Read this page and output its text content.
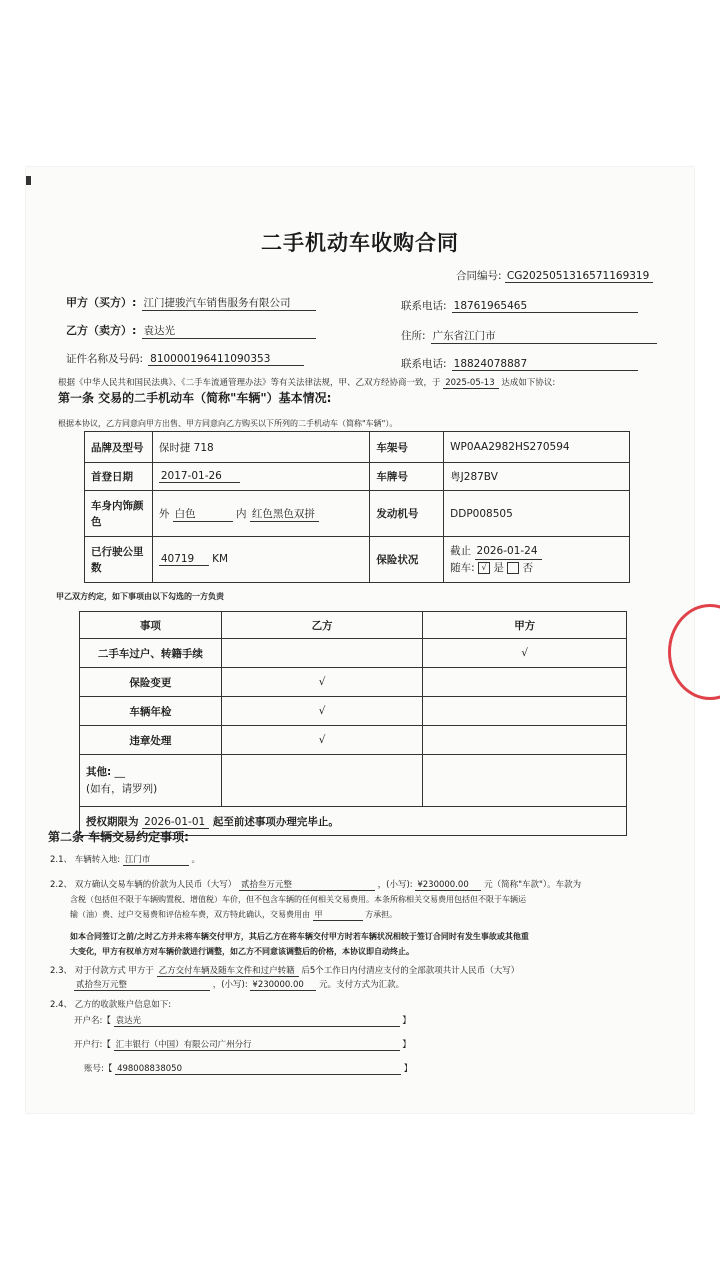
二手机动车收购合同
合同编号: CG2025051316571169319
甲方（买方）: 江门捷骏汽车销售服务有限公司	联系电话: 18761965465
乙方（卖方）: 袁达光	住所: 广东省江门市
证件名称及号码: 810000196411090353	联系电话: 18824078887
根据《中华人民共和国民法典》、《二手车流通管理办法》等有关法律法规，甲、乙双方经协商一致，于 2025-05-13 达成如下协议:
第一条 交易的二手机动车（简称"车辆"）基本情况:
根据本协议，乙方同意向甲方出售、甲方同意向乙方购买以下所列的二手机动车（简称"车辆"）。
品牌及型号	保时捷 718	车架号	WP0AA2982HS270594
首登日期	2017-01-26	车牌号	粤J287BV
车身内饰颜色	外 白色 内 红色黑色双拼	发动机号	DDP008505
已行驶公里数	40719 KM	保险状况	截止 2026-01-24
随车: √ 是 否
甲乙双方约定，如下事项由以下勾选的一方负责
事项	乙方	甲方
二手车过户、转籍手续		√
保险变更	√	
车辆年检	√	
违章处理	√	

其他: __
(如有，请罗列)		

授权期限为 2026-01-01 起至前述事项办理完毕止。		
第二条 车辆交易约定事项:
2.1、 车辆转入地: 江门市	。
2.2、 双方确认交易车辆的价款为人民币（大写） 贰拾叁万元整	，(小写): ¥230000.00 元（简称"车款"）。车款为
含税（包括但不限于车辆购置税、增值税）车价，但不包含车辆的任何相关交易费用。本条所称相关交易费用包括但不限于车辆运
输（油）费、过户交易费和评估检车费，双方特此确认，交易费用由 甲	方承担。
如本合同签订之前/之时乙方并未将车辆交付甲方，其后乙方在将车辆交付甲方时若车辆状况相较于签订合同时有发生事故或其他重
大变化，甲方有权单方对车辆价款进行调整，如乙方不同意该调整后的价格，本协议即自动终止。
2.3、 对于付款方式 甲方于 乙方交付车辆及随车文件和过户转籍 后5个工作日内付清应支付的全部款项共计人民币（大写）
贰拾叁万元整	，(小写): ¥230000.00 元。支付方式为汇款。
2.4、 乙方的收款账户信息如下:
开户名:【 袁达光	】
开户行:【 汇丰银行（中国）有限公司广州分行	】
账号:【 498008838050	】
